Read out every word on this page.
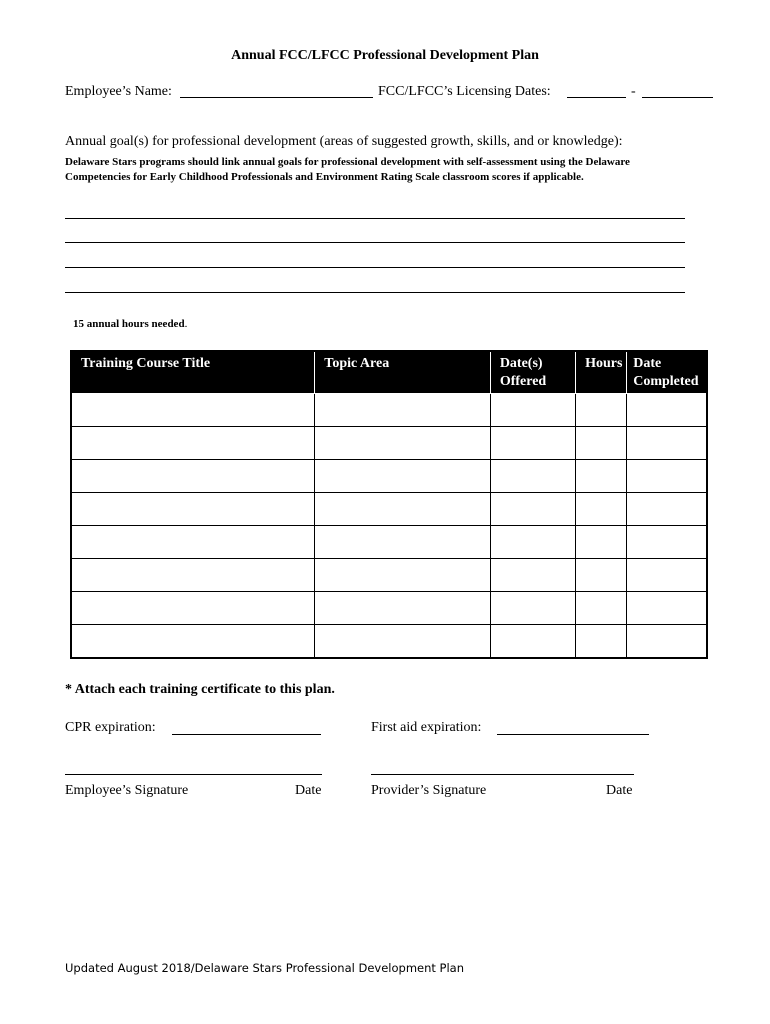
Annual FCC/LFCC Professional Development Plan
Employee’s Name:	FCC/LFCC’s Licensing Dates:	-
Annual goal(s) for professional development (areas of suggested growth, skills, and or knowledge):
Delaware Stars programs should link annual goals for professional development with self-assessment using the Delaware Competencies for Early Childhood Professionals and Environment Rating Scale classroom scores if applicable.
15 annual hours needed.
Training Course Title	Topic Area	Date(s) Offered	Hours	Date Completed

* Attach each training certificate to this plan.
CPR expiration:	First aid expiration:
Employee’s Signature	Date	Provider’s Signature	Date
Updated August 2018/Delaware Stars Professional Development Plan
